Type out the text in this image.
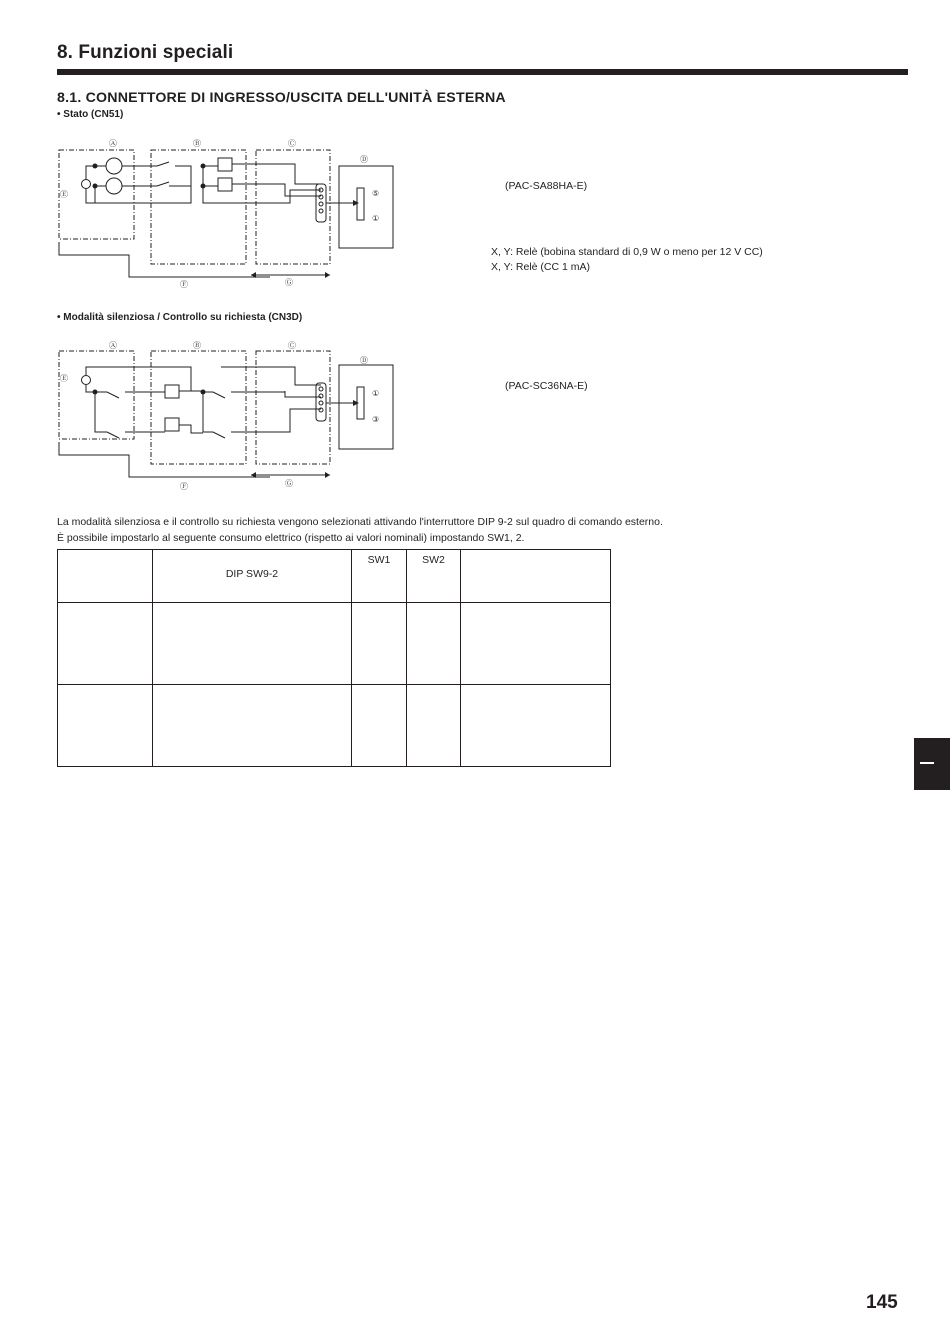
8. Funzioni speciali
8.1. CONNETTORE DI INGRESSO/USCITA DELL'UNITÀ ESTERNA
• Stato (CN51)
Ⓐ	Ⓑ	Ⓒ
Ⓓ
Ⓔ
Ⓕ	Ⓖ
⑤
①
(PAC-SA88HA-E)
X, Y: Relè (bobina standard di 0,9 W o meno per 12 V CC)
X, Y: Relè (CC 1 mA)
• Modalità silenziosa / Controllo su richiesta (CN3D)
Ⓐ	Ⓑ	Ⓒ
Ⓓ
Ⓔ
Ⓕ	Ⓖ
①
③
(PAC-SC36NA-E)
La modalità silenziosa e il controllo su richiesta vengono selezionati attivando l'interruttore DIP 9-2 sul quadro di comando esterno.
È possibile impostarlo al seguente consumo elettrico (rispetto ai valori nominali) impostando SW1, 2.
	DIP SW9-2	SW1	SW2	

145
